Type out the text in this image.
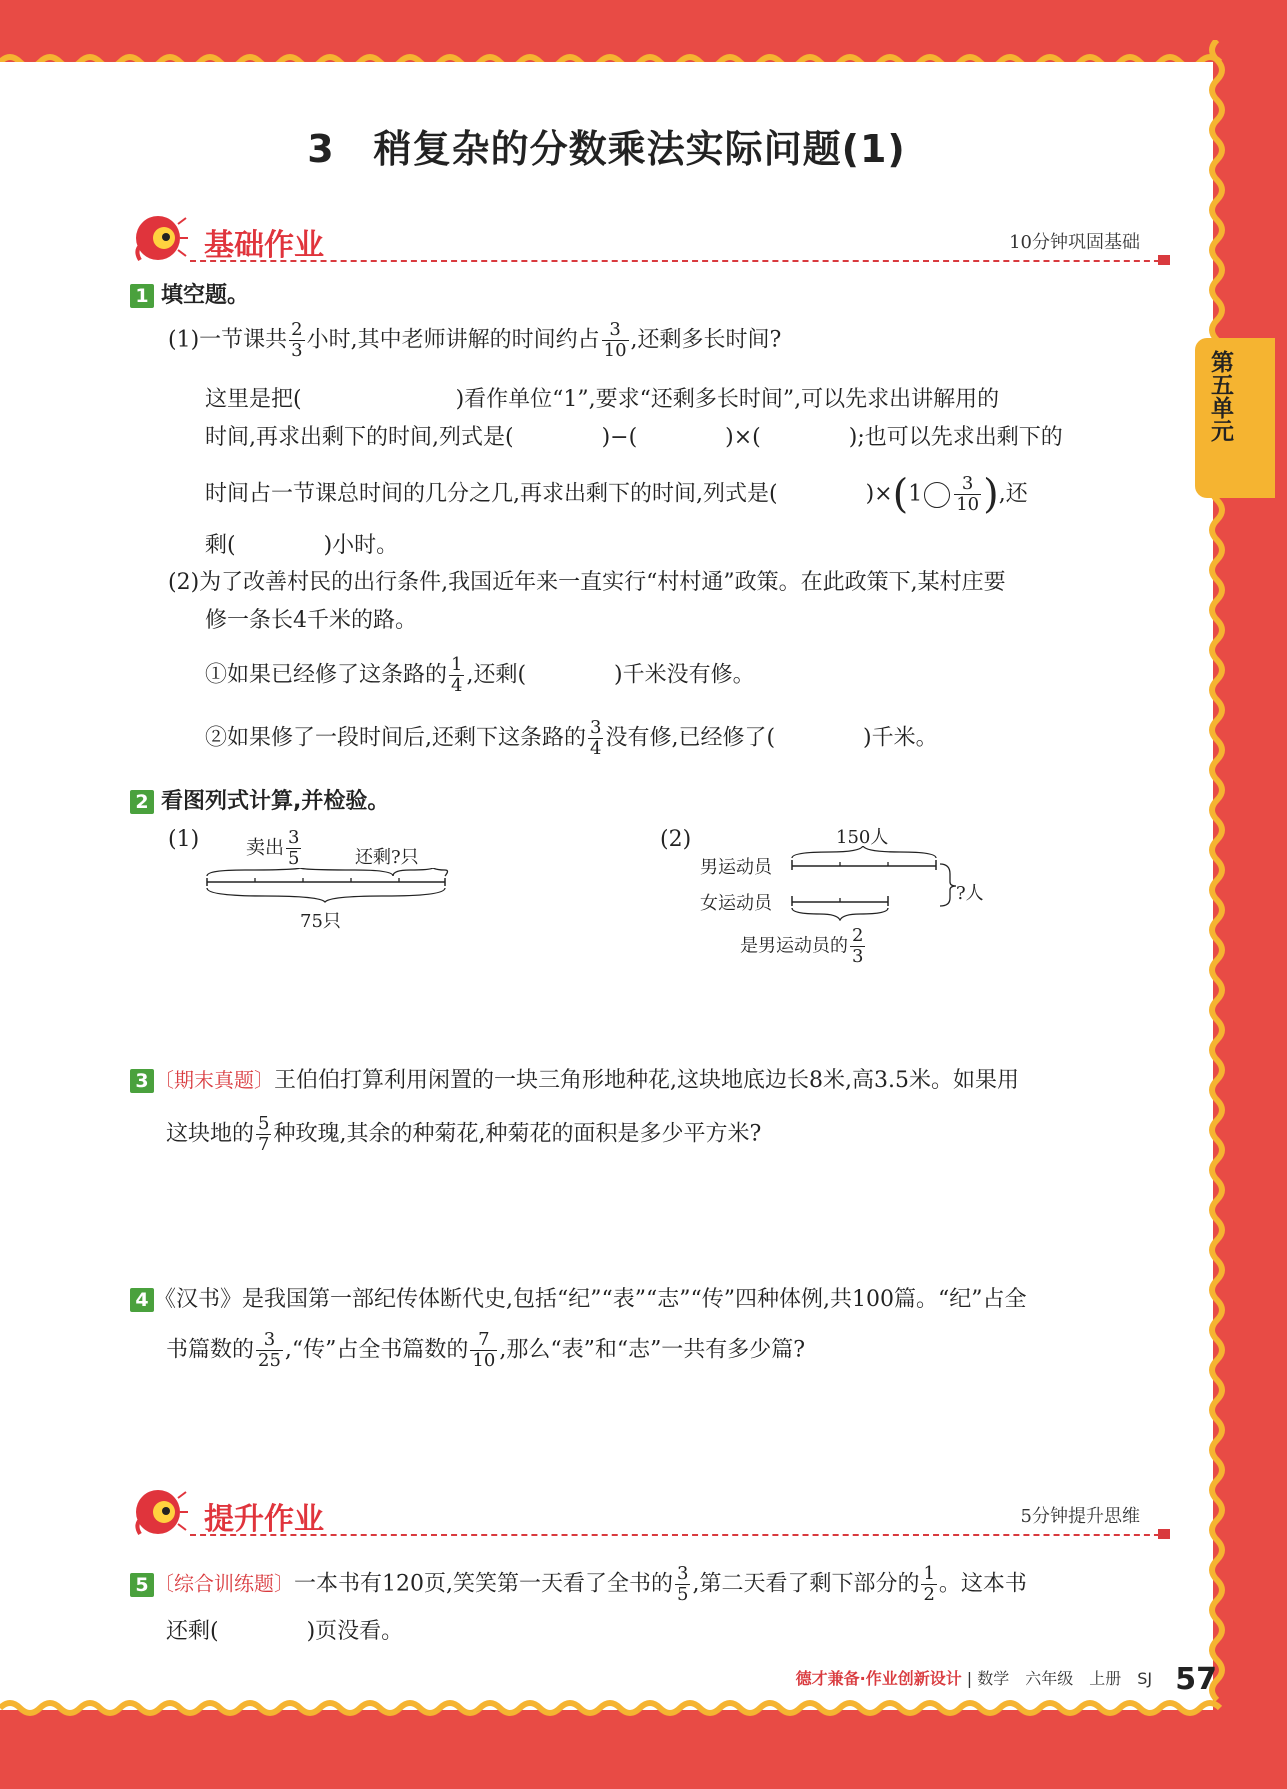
第五单元
3　稍复杂的分数乘法实际问题(1)
基础作业	10分钟巩固基础
1 填空题。
(1)一节课共 $\frac{2}{3}$ 小时,其中老师讲解的时间约占 $\frac{3}{10}$ ,还剩多长时间?
这里是把(　　　　　　　)看作单位“1”,要求“还剩多长时间”,可以先求出讲解用的
时间,再求出剩下的时间,列式是(　　　　)−(　　　　)×(　　　　);也可以先求出剩下的
时间占一节课总时间的几分之几,再求出剩下的时间,列式是(　　　　)$\times(1 \frac{3}{10}$ ),还
剩(　　　　)小时。
(2)为了改善村民的出行条件,我国近年来一直实行“村村通”政策。在此政策下,某村庄要
修一条长4千米的路。
①如果已经修了这条路的 $\frac{1}{4}$ ,还剩(　　　　)千米没有修。
②如果修了一段时间后,还剩下这条路的 $\frac{3}{4}$ 没有修,已经修了(　　　　)千米。
2 看图列式计算,并检验。
(1) 卖出 $\frac{3}{5}$	还剩?只
75只
(2)	150人
男运动员
女运动员	?人
是男运动员的 $\frac{2}{3}$
3 〔期末真题〕王伯伯打算利用闲置的一块三角形地种花,这块地底边长8米,高3.5米。如果用
这块地的 $\frac{5}{7}$ 种玫瑰,其余的种菊花,种菊花的面积是多少平方米?
4 《汉书》是我国第一部纪传体断代史,包括“纪”“表”“志”“传”四种体例,共100篇。“纪”占全
书篇数的 $\frac{3}{25}$ ,“传”占全书篇数的 $\frac{7}{10}$ ,那么“表”和“志”一共有多少篇?
提升作业	5分钟提升思维
5 〔综合训练题〕一本书有120页,笑笑第一天看了全书的 $\frac{3}{5}$ ,第二天看了剩下部分的 $\frac{1}{2}$ 。这本书
还剩(　　　　)页没看。
德才兼备·作业创新设计 | 数学　六年级　上册　SJ 57
